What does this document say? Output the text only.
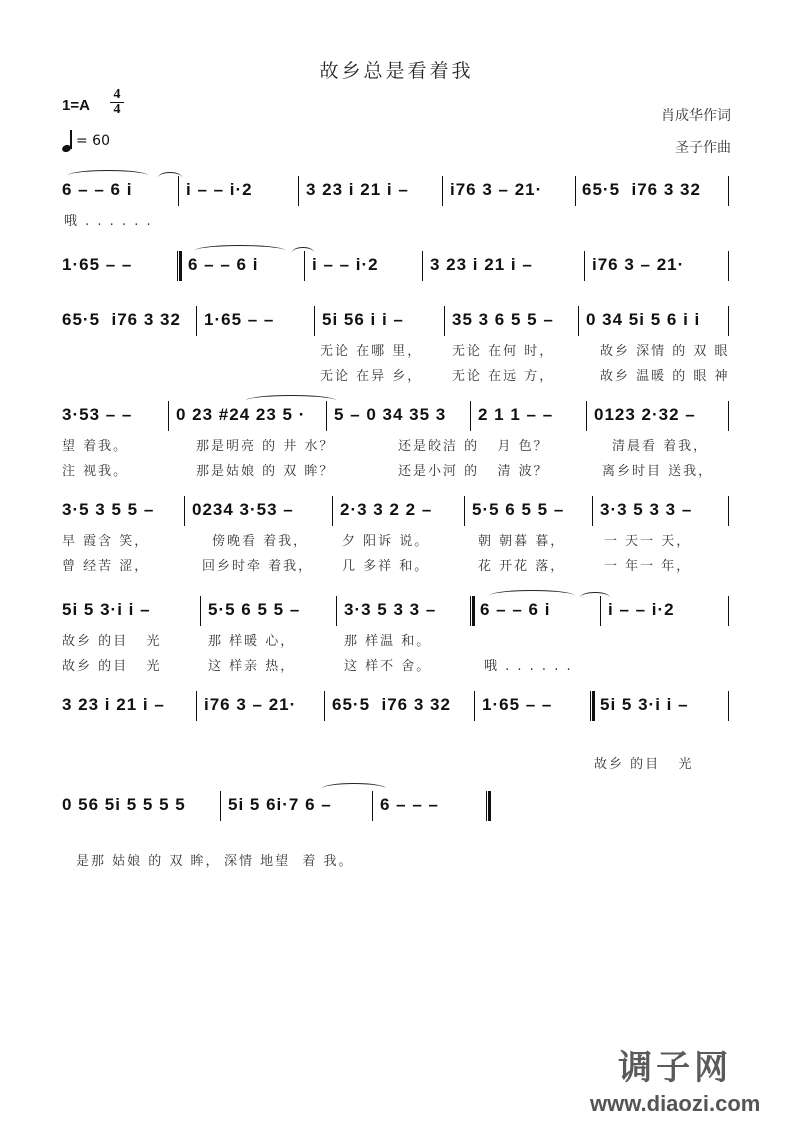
故乡总是看着我
1=A
4
4
= 60
肖成华作词
圣子作曲

6 – – 6 i

	i – – i·2

	3 23 i 21 i –

i76 3 – 21·

65·5  i76 3 32

哦 . . . . . .

1·65 – –

	6 – – 6 i

	i – – i·2

	3 23 i 21 i –

	i76 3 – 21·

65·5  i76 3 32

1·65 – –

	5i 56 i i –

	35 3 6 5 5 –

0 34 5i 5 6 i i

无论 在哪 里， 无论 在何 时，	故乡 深情 的 双 眼
无论 在异 乡， 无论 在远 方，	故乡 温暖 的 眼 神

3·53 – –

	0 23 #24 23 5 ·

5 – 0 34 35 3

2 1 1 – –

0123 2·32 –

望 着我。	那是明亮 的 井 水？	还是皎洁 的   月 色？	清晨看 着我，
注 视我。	那是姑娘 的 双 眸？	还是小河 的   清 波？	离乡时目 送我，

3·5 3 5 5 –

0234 3·53 –

	2·3 3 2 2 –

5·5 6 5 5 –

3·3 5 3 3 –

早 霞含 笑，	傍晚看 着我，	夕 阳诉 说。	朝 朝暮 暮，	一 天一 天，
曾 经苦 涩，	回乡时牵 着我， 几 多祥 和。	花 开花 落，	一 年一 年，

5i 5 3·i i –

	5·5 6 5 5 –

	3·3 5 3 3 –

	6 – – 6 i

	i – – i·2

故乡 的目   光	那 样暖 心，	那 样温 和。
故乡 的目   光	这 样亲 热，	这 样不 舍。	哦 . . . . . .

3 23 i 21 i –

i76 3 – 21·

65·5  i76 3 32

1·65 – –

	5i 5 3·i i –

故乡 的目   光

0 56 5i 5 5 5 5

5i 5 6i·7 6 –

	6 – – –

是那 姑娘 的 双 眸， 深情 地望  着 我。
调子网
www.diaozi.com
